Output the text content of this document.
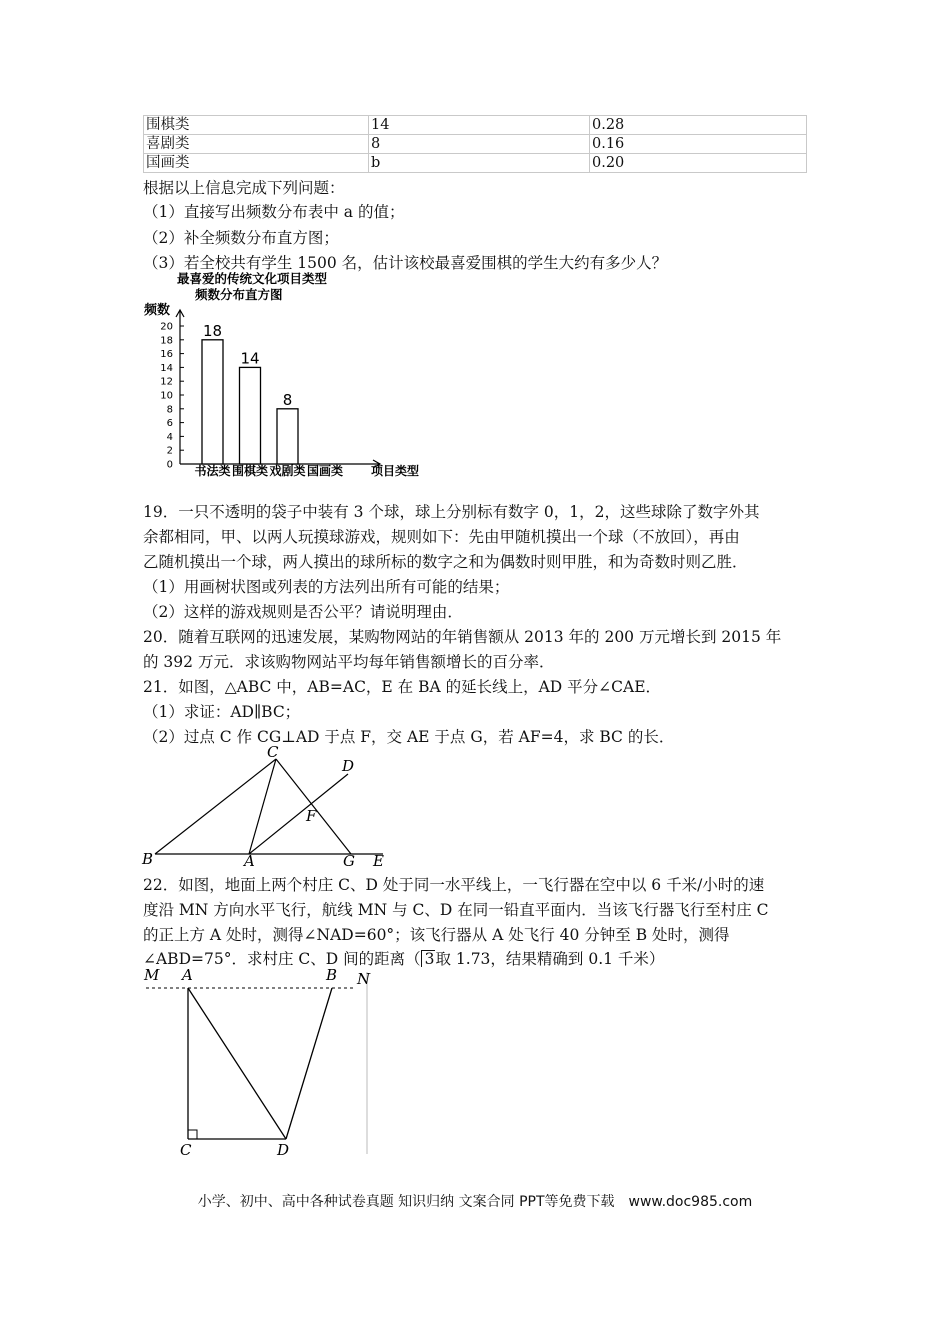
围棋类	14	0.28
喜剧类	8	0.16
国画类	b	0.20
根据以上信息完成下列问题：
（1）直接写出频数分布表中 a 的值；
（2）补全频数分布直方图；
（3）若全校共有学生 1500 名，估计该校最喜爱围棋的学生大约有多少人？
最喜爱的传统文化项目类型
频数分布直方图
频数
0
2
4
6
8
10
12
14
16
18
20 18
14
8
书法类 围棋类 戏剧类 国画类 项目类型
19．一只不透明的袋子中装有 3 个球，球上分别标有数字 0，1，2，这些球除了数字外其
余都相同，甲、以两人玩摸球游戏，规则如下：先由甲随机摸出一个球（不放回），再由
乙随机摸出一个球，两人摸出的球所标的数字之和为偶数时则甲胜，和为奇数时则乙胜．
（1）用画树状图或列表的方法列出所有可能的结果；
（2）这样的游戏规则是否公平？请说明理由．
20．随着互联网的迅速发展，某购物网站的年销售额从 2013 年的 200 万元增长到 2015 年
的 392 万元．求该购物网站平均每年销售额增长的百分率．
21．如图，△ABC 中，AB=AC，E 在 BA 的延长线上，AD 平分∠CAE．
（1）求证：AD∥BC；
（2）过点 C 作 CG⊥AD 于点 F，交 AE 于点 G，若 AF=4，求 BC 的长．
B	A	G E
C
D
F
22．如图，地面上两个村庄 C、D 处于同一水平线上，一飞行器在空中以 6 千米/小时的速
度沿 MN 方向水平飞行，航线 MN 与 C、D 在同一铅直平面内．当该飞行器飞行至村庄 C
的正上方 A 处时，测得∠NAD=60°；该飞行器从 A 处飞行 40 分钟至 B 处时，测得
∠ABD=75°．求村庄 C、D 间的距离（ 3取 1.73，结果精确到 0.1 千米）
M A	B N
C	D
小学、初中、高中各种试卷真题 知识归纳 文案合同 PPT等免费下载　www.doc985.com
